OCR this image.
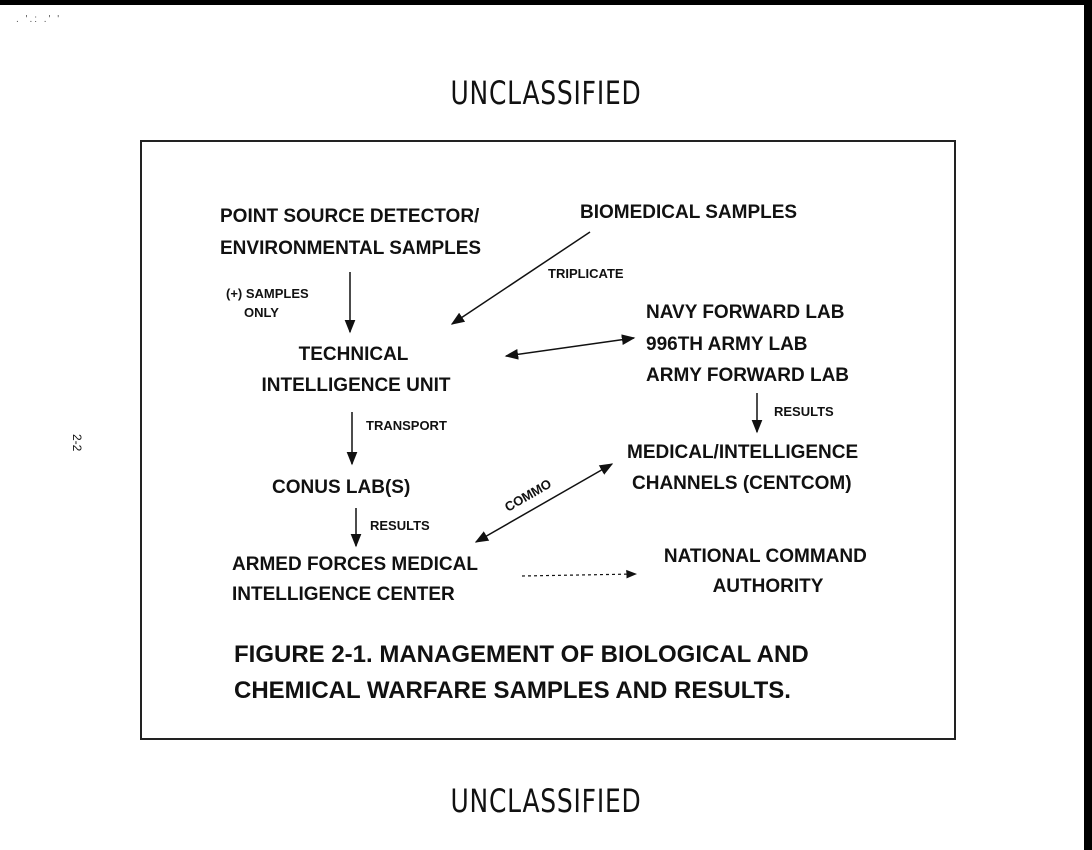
. '.: .' '
UNCLASSIFIED
2-2
POINT SOURCE DETECTOR/ ENVIRONMENTAL SAMPLES
BIOMEDICAL SAMPLES
NAVY FORWARD LAB 996TH ARMY LAB ARMY FORWARD LAB
TECHNICAL INTELLIGENCE UNIT
CONUS LAB(S)
MEDICAL/INTELLIGENCE CHANNELS (CENTCOM)
ARMED FORCES MEDICAL INTELLIGENCE CENTER
NATIONAL COMMAND AUTHORITY
(+) SAMPLES ONLY
TRIPLICATE
TRANSPORT
RESULTS
RESULTS
COMMO
FIGURE 2-1. MANAGEMENT OF BIOLOGICAL AND CHEMICAL WARFARE SAMPLES AND RESULTS.
UNCLASSIFIED
